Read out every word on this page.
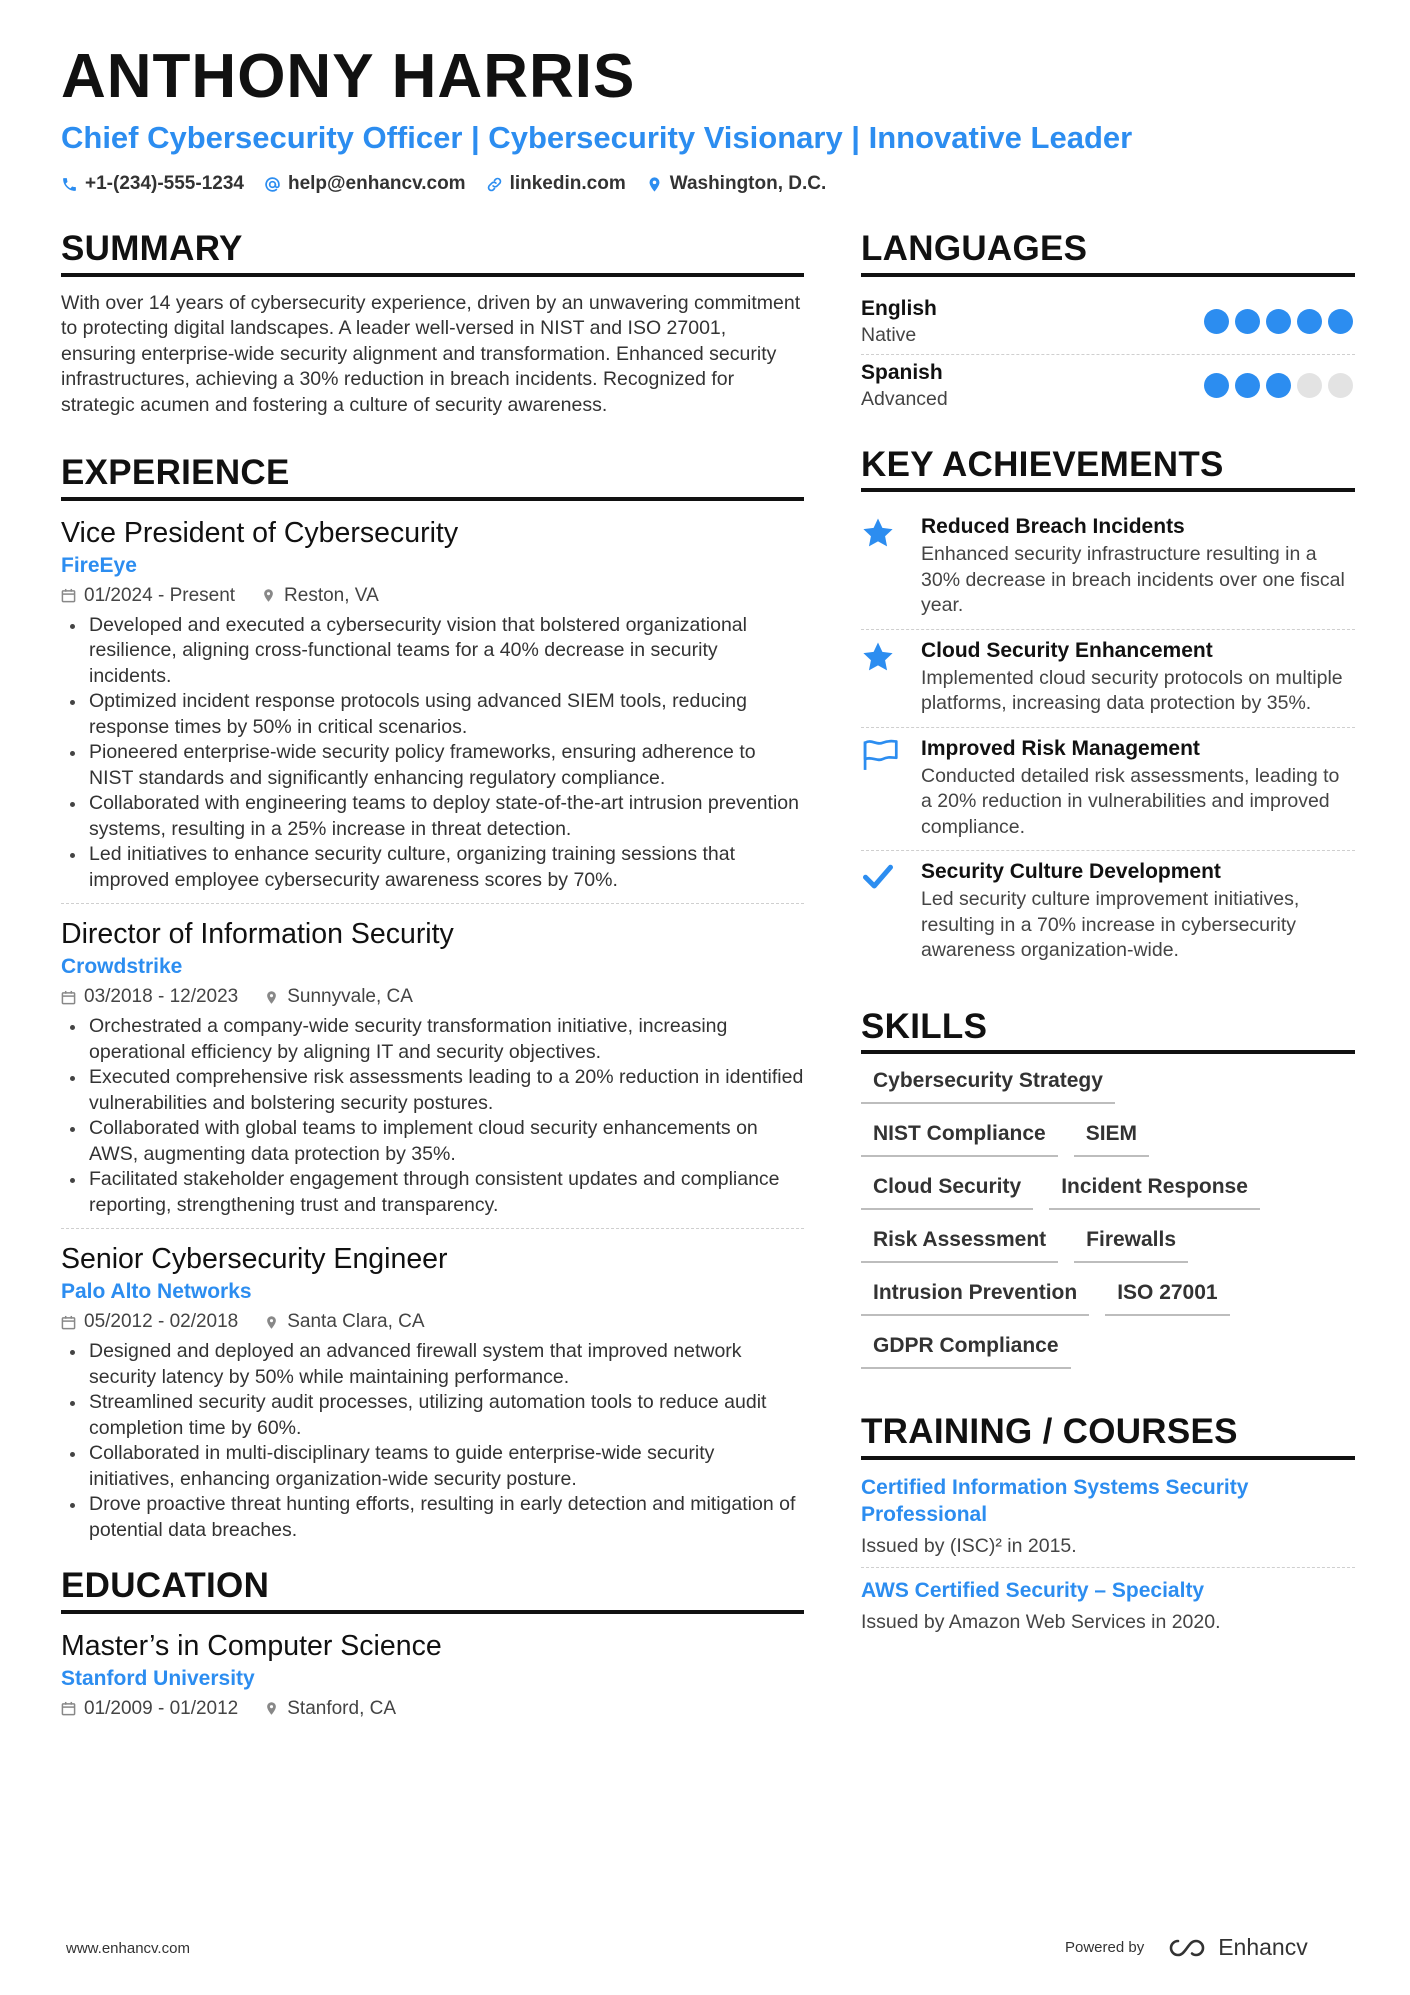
ANTHONY HARRIS
Chief Cybersecurity Officer | Cybersecurity Visionary | Innovative Leader
+1-(234)-555-1234 help@enhancv.com linkedin.com Washington, D.C.
SUMMARY
With over 14 years of cybersecurity experience, driven by an unwavering commitment to protecting digital landscapes. A leader well-versed in NIST and ISO 27001, ensuring enterprise-wide security alignment and transformation. Enhanced security infrastructures, achieving a 30% reduction in breach incidents. Recognized for strategic acumen and fostering a culture of security awareness.
EXPERIENCE
Vice President of Cybersecurity
FireEye
01/2024 - Present	Reston, VA
Developed and executed a cybersecurity vision that bolstered organizational resilience, aligning cross-functional teams for a 40% decrease in security incidents.
Optimized incident response protocols using advanced SIEM tools, reducing response times by 50% in critical scenarios.
Pioneered enterprise-wide security policy frameworks, ensuring adherence to NIST standards and significantly enhancing regulatory compliance.
Collaborated with engineering teams to deploy state-of-the-art intrusion prevention systems, resulting in a 25% increase in threat detection.
Led initiatives to enhance security culture, organizing training sessions that improved employee cybersecurity awareness scores by 70%.
Director of Information Security
Crowdstrike
03/2018 - 12/2023	Sunnyvale, CA
Orchestrated a company-wide security transformation initiative, increasing operational efficiency by aligning IT and security objectives.
Executed comprehensive risk assessments leading to a 20% reduction in identified vulnerabilities and bolstering security postures.
Collaborated with global teams to implement cloud security enhancements on AWS, augmenting data protection by 35%.
Facilitated stakeholder engagement through consistent updates and compliance reporting, strengthening trust and transparency.
Senior Cybersecurity Engineer
Palo Alto Networks
05/2012 - 02/2018	Santa Clara, CA
Designed and deployed an advanced firewall system that improved network security latency by 50% while maintaining performance.
Streamlined security audit processes, utilizing automation tools to reduce audit completion time by 60%.
Collaborated in multi-disciplinary teams to guide enterprise-wide security initiatives, enhancing organization-wide security posture.
Drove proactive threat hunting efforts, resulting in early detection and mitigation of potential data breaches.
EDUCATION
Master’s in Computer Science
Stanford University
01/2009 - 01/2012	Stanford, CA
LANGUAGES
English
Native
Spanish
Advanced
KEY ACHIEVEMENTS
Reduced Breach Incidents
Enhanced security infrastructure resulting in a 30% decrease in breach incidents over one fiscal year.
Cloud Security Enhancement
Implemented cloud security protocols on multiple platforms, increasing data protection by 35%.
Improved Risk Management
Conducted detailed risk assessments, leading to a 20% reduction in vulnerabilities and improved compliance.
Security Culture Development
Led security culture improvement initiatives, resulting in a 70% increase in cybersecurity awareness organization-wide.
SKILLS
Cybersecurity Strategy
NIST Compliance	SIEM
Cloud Security	Incident Response
Risk Assessment	Firewalls
Intrusion Prevention	ISO 27001
GDPR Compliance
TRAINING / COURSES
Certified Information Systems Security Professional
Issued by (ISC)² in 2015.
AWS Certified Security – Specialty
Issued by Amazon Web Services in 2020.
www.enhancv.com	Powered by	Enhancv
